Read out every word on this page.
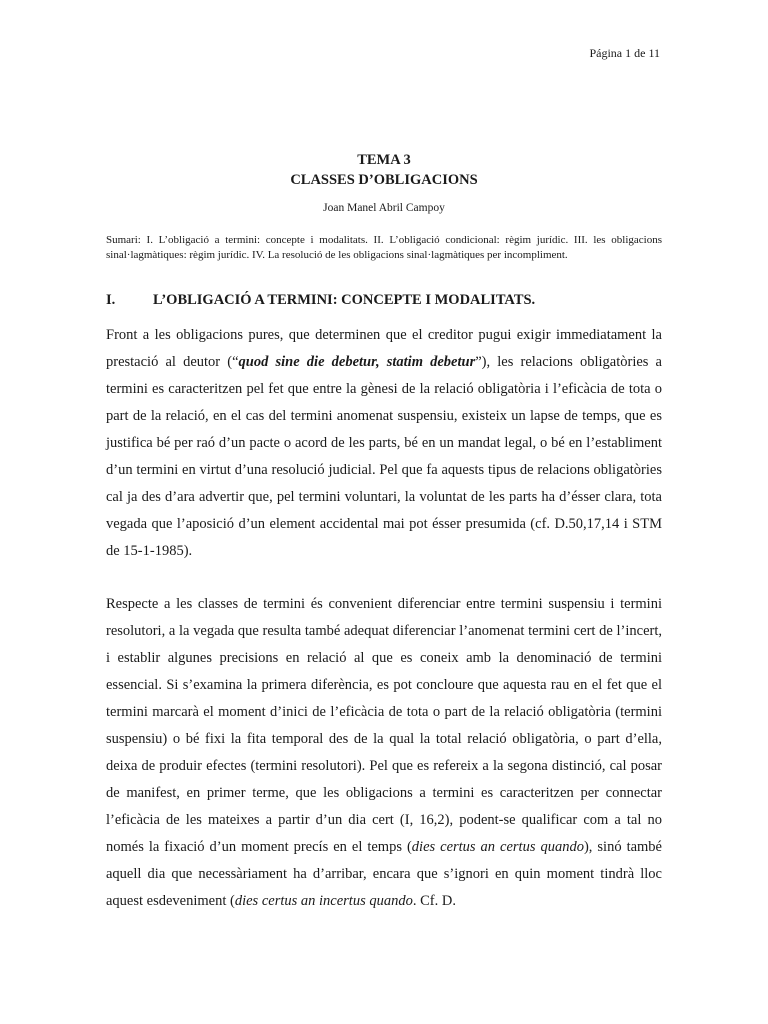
Página 1 de 11
TEMA 3
CLASSES D’OBLIGACIONS
Joan Manel Abril Campoy
Sumari: I. L’obligació a termini: concepte i modalitats. II. L’obligació condicional: règim jurídic. III. les obligacions sinal·lagmàtiques: règim jurídic. IV. La resolució de les obligacions sinal·lagmàtiques per incompliment.
I.	L’OBLIGACIÓ A TERMINI: CONCEPTE I MODALITATS.

Front a les obligacions pures, que determinen que el creditor pugui exigir immediatament la prestació al deutor (“quod sine die debetur, statim debetur”), les relacions obligatòries a termini es caracteritzen pel fet que entre la gènesi de la relació obligatòria i l’eficàcia de tota o part de la relació, en el cas del termini anomenat suspensiu, existeix un lapse de temps, que es justifica bé per raó d’un pacte o acord de les parts, bé en un mandat legal, o bé en l’establiment d’un termini en virtut d’una resolució judicial. Pel que fa aquests tipus de relacions obligatòries cal ja des d’ara advertir que, pel termini voluntari, la voluntat de les parts ha d’ésser clara, tota vegada que l’aposició d’un element accidental mai pot ésser presumida (cf. D.50,17,14 i STM de 15-1-1985).

Respecte a les classes de termini és convenient diferenciar entre termini suspensiu i termini resolutori, a la vegada que resulta també adequat diferenciar l’anomenat termini cert de l’incert, i establir algunes precisions en relació al que es coneix amb la denominació de termini essencial. Si s’examina la primera diferència, es pot concloure que aquesta rau en el fet que el termini marcarà el moment d’inici de l’eficàcia de tota o part de la relació obligatòria (termini suspensiu) o bé fixi la fita temporal des de la qual la total relació obligatòria, o part d’ella, deixa de produir efectes (termini resolutori). Pel que es refereix a la segona distinció, cal posar de manifest, en primer terme, que les obligacions a termini es caracteritzen per connectar l’eficàcia de les mateixes a partir d’un dia cert (I, 16,2), podent-se qualificar com a tal no només la fixació d’un moment precís en el temps (dies certus an certus quando), sinó també aquell dia que necessàriament ha d’arribar, encara que s’ignori en quin moment tindrà lloc aquest esdeveniment (dies certus an incertus quando. Cf. D.
